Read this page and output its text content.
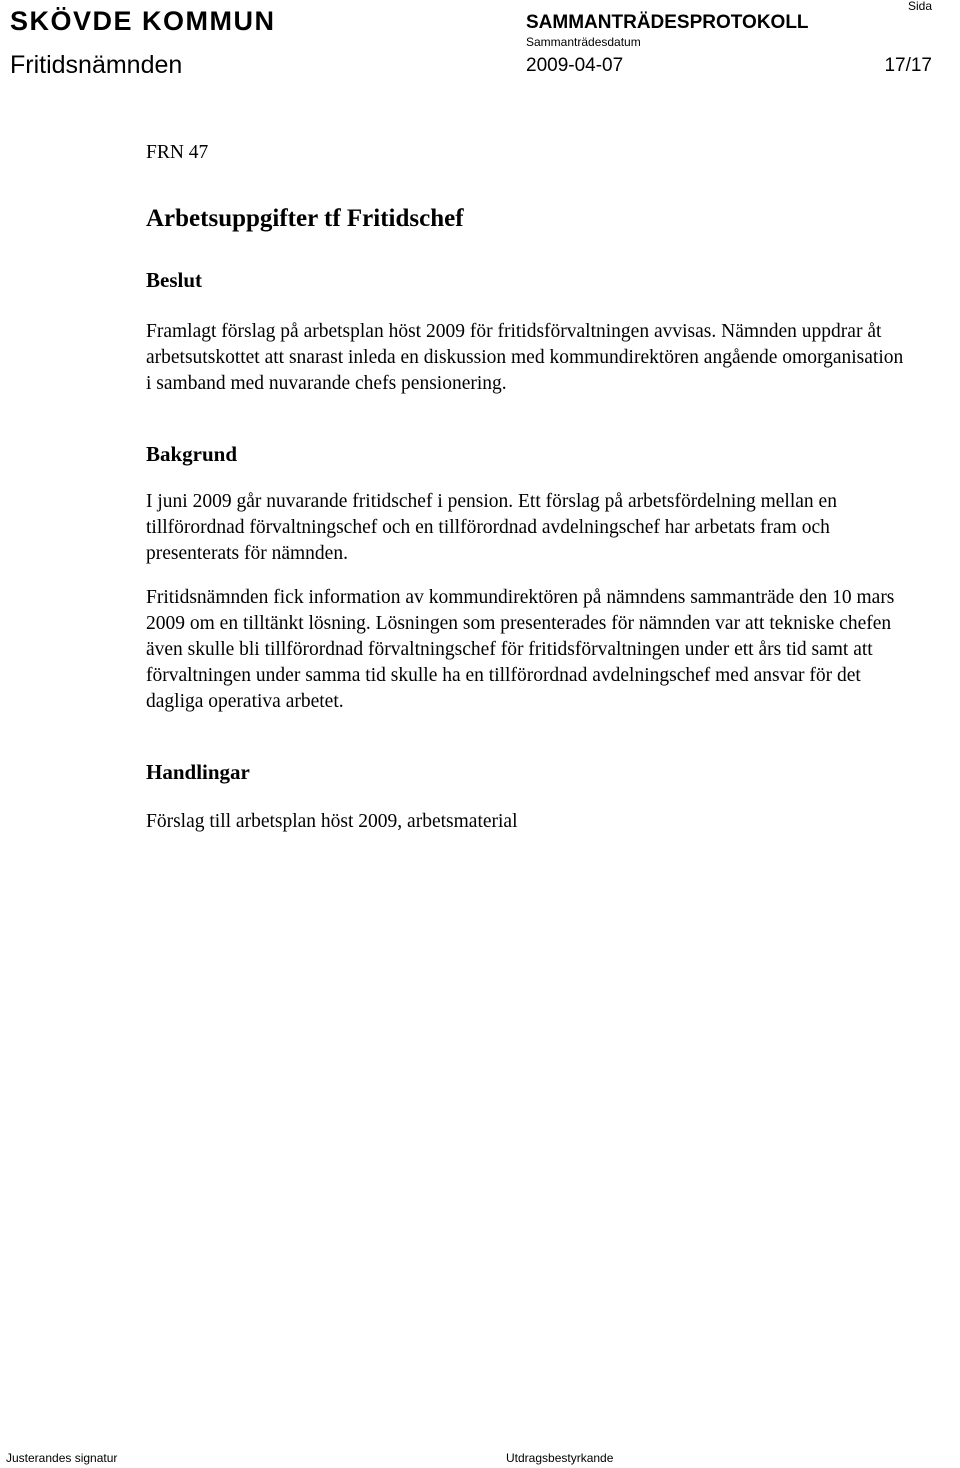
SKÖVDE KOMMUN	SAMMANTRÄDESPROTOKOLL
Sida
Sammanträdesdatum
Fritidsnämnden	2009-04-07	17/17

FRN 47

Arbetsuppgifter tf Fritidschef
Beslut

Framlagt förslag på arbetsplan höst 2009 för fritidsförvaltningen avvisas. Nämnden uppdrar åt arbetsutskottet att snarast inleda en diskussion med kommundirektören angående omorganisation i samband med nuvarande chefs pensionering.

Bakgrund

I juni 2009 går nuvarande fritidschef i pension. Ett förslag på arbetsfördelning mellan en tillförordnad förvaltningschef och en tillförordnad avdelningschef har arbetats fram och presenterats för nämnden.

Fritidsnämnden fick information av kommundirektören på nämndens sammanträde den 10 mars 2009 om en tilltänkt lösning. Lösningen som presenterades för nämnden var att tekniske chefen även skulle bli tillförordnad förvaltningschef för fritidsförvaltningen under ett års tid samt att förvaltningen under samma tid skulle ha en tillförordnad avdelningschef med ansvar för det dagliga operativa arbetet.

Handlingar

Förslag till arbetsplan höst 2009, arbetsmaterial

Justerandes signatur	Utdragsbestyrkande
